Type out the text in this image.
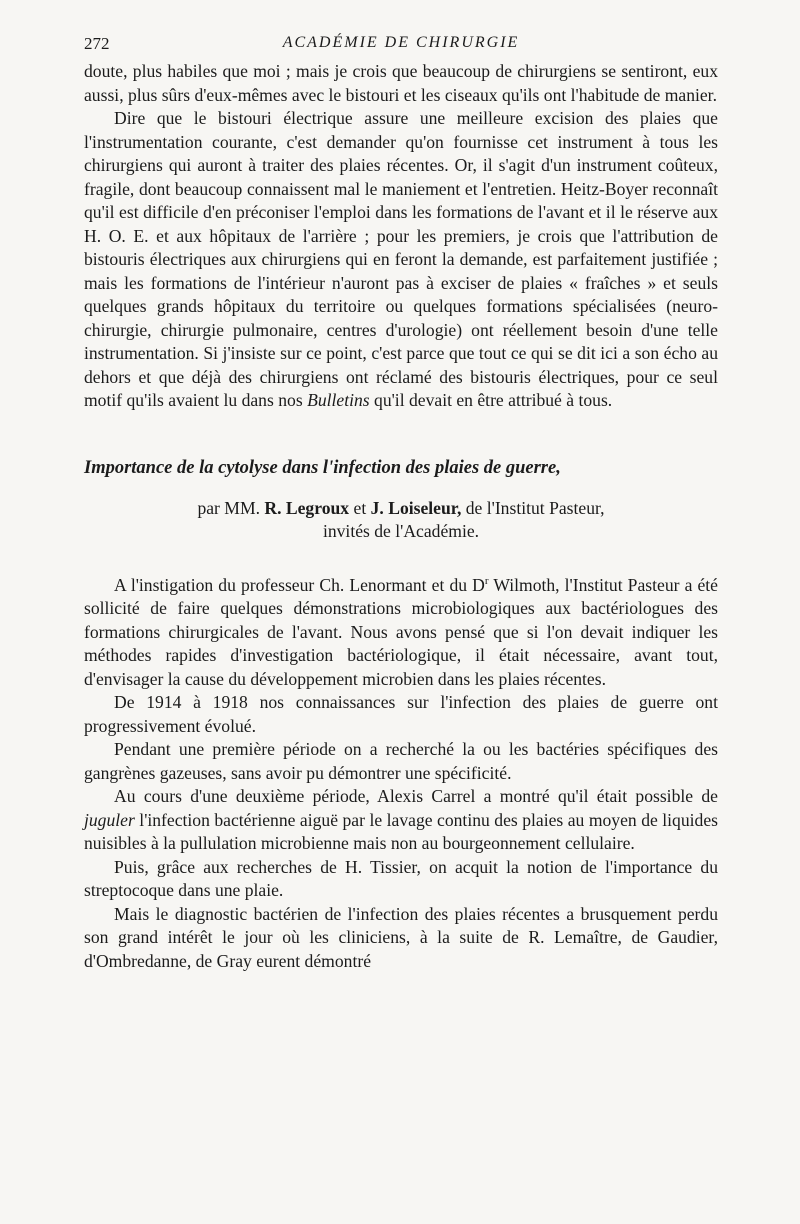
272	ACADÉMIE DE CHIRURGIE

doute, plus habiles que moi ; mais je crois que beaucoup de chirurgiens se sentiront, eux aussi, plus sûrs d'eux-mêmes avec le bistouri et les ciseaux qu'ils ont l'habitude de manier.

Dire que le bistouri électrique assure une meilleure excision des plaies que l'instrumentation courante, c'est demander qu'on fournisse cet instrument à tous les chirurgiens qui auront à traiter des plaies récentes. Or, il s'agit d'un instrument coûteux, fragile, dont beaucoup connaissent mal le maniement et l'entretien. Heitz-Boyer reconnaît qu'il est difficile d'en préconiser l'emploi dans les formations de l'avant et il le réserve aux H. O. E. et aux hôpitaux de l'arrière ; pour les premiers, je crois que l'attribution de bistouris électriques aux chirurgiens qui en feront la demande, est parfaitement justifiée ; mais les formations de l'intérieur n'auront pas à exciser de plaies « fraîches » et seuls quelques grands hôpitaux du territoire ou quelques formations spécialisées (neuro-chirurgie, chirurgie pulmonaire, centres d'urologie) ont réellement besoin d'une telle instrumentation. Si j'insiste sur ce point, c'est parce que tout ce qui se dit ici a son écho au dehors et que déjà des chirurgiens ont réclamé des bistouris électriques, pour ce seul motif qu'ils avaient lu dans nos Bulletins qu'il devait en être attribué à tous.

Importance de la cytolyse dans l'infection des plaies de guerre,
par MM. R. Legroux et J. Loiseleur, de l'Institut Pasteur,
invités de l'Académie.

A l'instigation du professeur Ch. Lenormant et du $D^r$ Wilmoth, l'Institut Pasteur a été sollicité de faire quelques démonstrations microbiologiques aux bactériologues des formations chirurgicales de l'avant. Nous avons pensé que si l'on devait indiquer les méthodes rapides d'investigation bactériologique, il était nécessaire, avant tout, d'envisager la cause du développement microbien dans les plaies récentes.

De 1914 à 1918 nos connaissances sur l'infection des plaies de guerre ont progressivement évolué.

Pendant une première période on a recherché la ou les bactéries spécifiques des gangrènes gazeuses, sans avoir pu démontrer une spécificité.

Au cours d'une deuxième période, Alexis Carrel a montré qu'il était possible de juguler l'infection bactérienne aiguë par le lavage continu des plaies au moyen de liquides nuisibles à la pullulation microbienne mais non au bourgeonnement cellulaire.

Puis, grâce aux recherches de H. Tissier, on acquit la notion de l'importance du streptocoque dans une plaie.

Mais le diagnostic bactérien de l'infection des plaies récentes a brusquement perdu son grand intérêt le jour où les cliniciens, à la suite de R. Lemaître, de Gaudier, d'Ombredanne, de Gray eurent démontré
